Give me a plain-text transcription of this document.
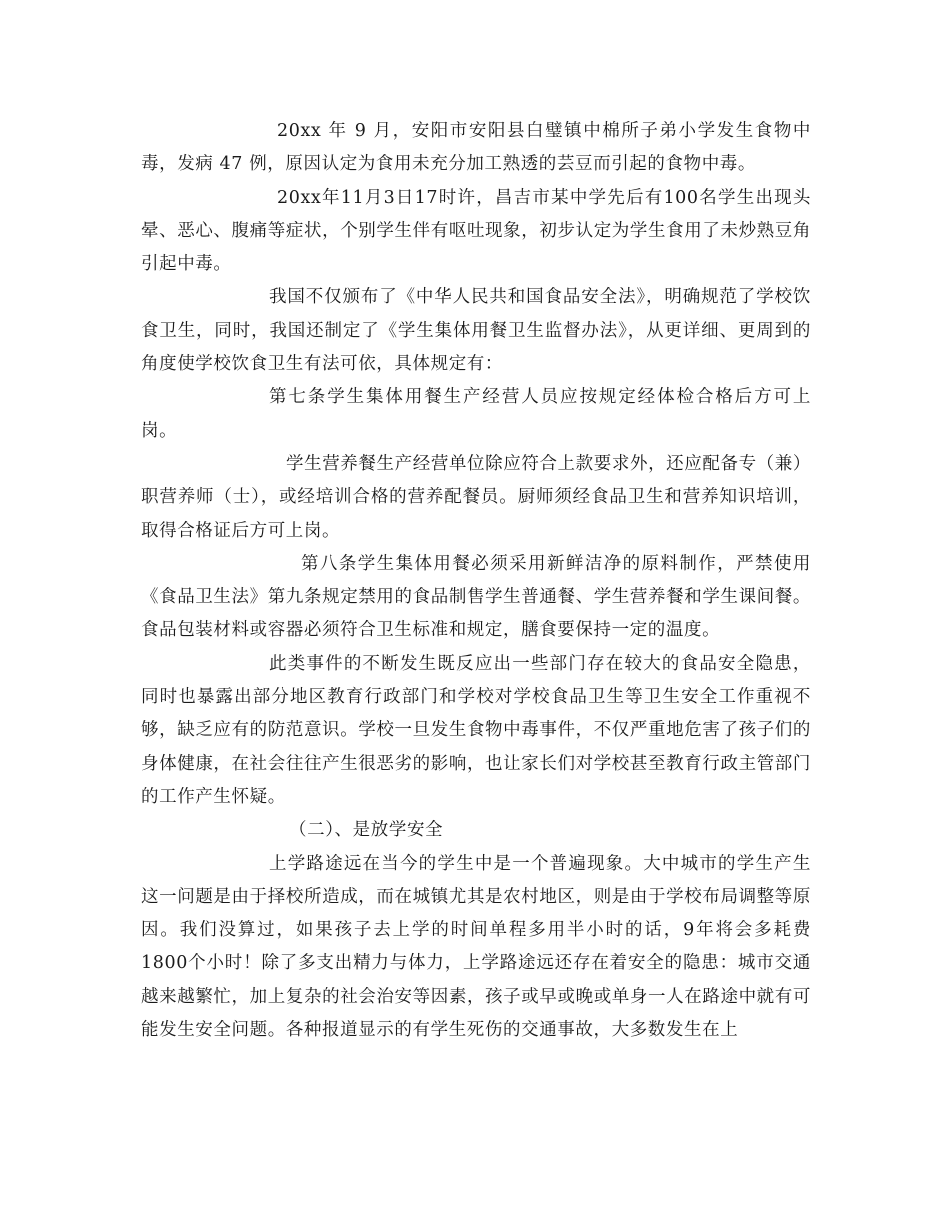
20xx 年 9 月，安阳市安阳县白璧镇中棉所子弟小学发生食物中毒，发病 47 例，原因认定为食用未充分加工熟透的芸豆而引起的食物中毒。

20xx年11月3日17时许，昌吉市某中学先后有100名学生出现头晕、恶心、腹痛等症状，个别学生伴有呕吐现象，初步认定为学生食用了未炒熟豆角引起中毒。

我国不仅颁布了《中华人民共和国食品安全法》，明确规范了学校饮食卫生，同时，我国还制定了《学生集体用餐卫生监督办法》，从更详细、更周到的角度使学校饮食卫生有法可依，具体规定有：

第七条学生集体用餐生产经营人员应按规定经体检合格后方可上岗。

学生营养餐生产经营单位除应符合上款要求外，还应配备专（兼）职营养师（士），或经培训合格的营养配餐员。厨师须经食品卫生和营养知识培训，取得合格证后方可上岗。

第八条学生集体用餐必须采用新鲜洁净的原料制作，严禁使用《食品卫生法》第九条规定禁用的食品制售学生普通餐、学生营养餐和学生课间餐。食品包装材料或容器必须符合卫生标准和规定，膳食要保持一定的温度。

此类事件的不断发生既反应出一些部门存在较大的食品安全隐患，同时也暴露出部分地区教育行政部门和学校对学校食品卫生等卫生安全工作重视不够，缺乏应有的防范意识。学校一旦发生食物中毒事件，不仅严重地危害了孩子们的身体健康，在社会往往产生很恶劣的影响，也让家长们对学校甚至教育行政主管部门的工作产生怀疑。

（二）、是放学安全

上学路途远在当今的学生中是一个普遍现象。大中城市的学生产生这一问题是由于择校所造成，而在城镇尤其是农村地区，则是由于学校布局调整等原因。我们没算过，如果孩子去上学的时间单程多用半小时的话，9年将会多耗费1800个小时！除了多支出精力与体力，上学路途远还存在着安全的隐患：城市交通越来越繁忙，加上复杂的社会治安等因素，孩子或早或晚或单身一人在路途中就有可能发生安全问题。各种报道显示的有学生死伤的交通事故，大多数发生在上
